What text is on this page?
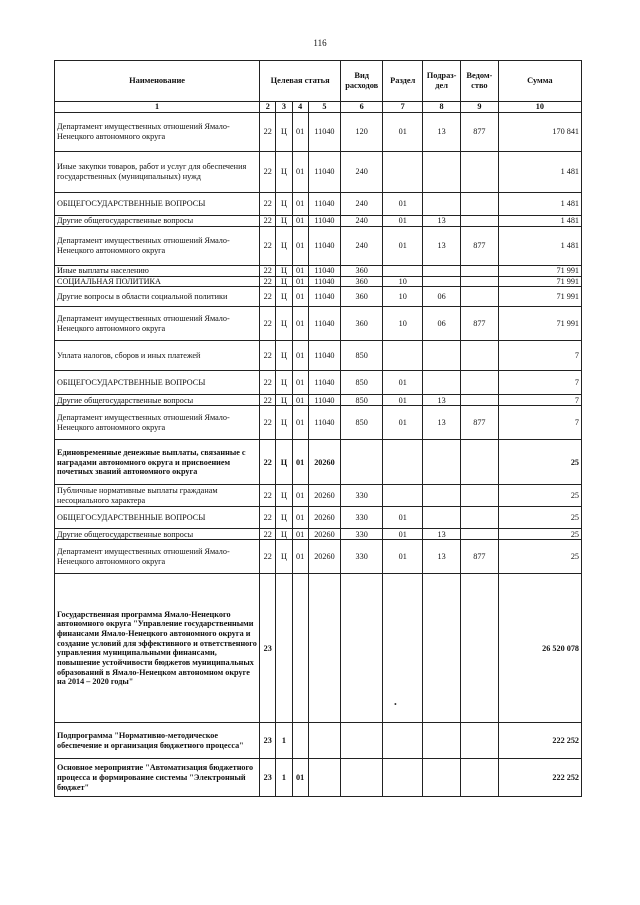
116
Наименование	Целевая статья				Вид расходов	Раздел	Подраз-дел	Ведом-ство	Сумма
1	2	3	4	5	6	7	8	9	10
Департамент имущественных отношений Ямало-Ненецкого автономного округа	22	Ц	01	11040	120	01	13	877	170 841
Иные закупки товаров, работ и услуг для обеспечения государственных (муниципальных) нужд	22	Ц	01	11040	240				1 481
ОБЩЕГОСУДАРСТВЕННЫЕ ВОПРОСЫ	22	Ц	01	11040	240	01			1 481
Другие общегосударственные вопросы	22	Ц	01	11040	240	01	13		1 481
Департамент имущественных отношений Ямало-Ненецкого автономного округа	22	Ц	01	11040	240	01	13	877	1 481
Иные выплаты населению	22	Ц	01	11040	360				71 991
СОЦИАЛЬНАЯ ПОЛИТИКА	22	Ц	01	11040	360	10			71 991
Другие вопросы в области социальной политики	22	Ц	01	11040	360	10	06		71 991
Департамент имущественных отношений Ямало-Ненецкого автономного округа	22	Ц	01	11040	360	10	06	877	71 991
Уплата налогов, сборов и иных платежей	22	Ц	01	11040	850				7
ОБЩЕГОСУДАРСТВЕННЫЕ ВОПРОСЫ	22	Ц	01	11040	850	01			7
Другие общегосударственные вопросы	22	Ц	01	11040	850	01	13		7
Департамент имущественных отношений Ямало-Ненецкого автономного округа	22	Ц	01	11040	850	01	13	877	7
Единовременные денежные выплаты, связанные с наградами автономного округа и присвоением почетных званий автономного округа	22	Ц	01	20260					25
Публичные нормативные выплаты гражданам несоциального характера	22	Ц	01	20260	330				25
ОБЩЕГОСУДАРСТВЕННЫЕ ВОПРОСЫ	22	Ц	01	20260	330	01			25
Другие общегосударственные вопросы	22	Ц	01	20260	330	01	13		25
Департамент имущественных отношений Ямало-Ненецкого автономного округа	22	Ц	01	20260	330	01	13	877	25
Государственная программа Ямало-Ненецкого автономного округа "Управление государственными финансами Ямало-Ненецкого автономного округа и создание условий для эффективного и ответственного управления муниципальными финансами, повышение устойчивости бюджетов муниципальных образований в Ямало-Ненецком автономном округе на 2014 – 2020 годы"	23								26 520 078
Подпрограмма "Нормативно-методическое обеспечение и организация бюджетного процесса"	23	1							222 252
Основное мероприятие "Автоматизация бюджетного процесса и формирование системы "Электронный бюджет"	23	1	01						222 252
•
